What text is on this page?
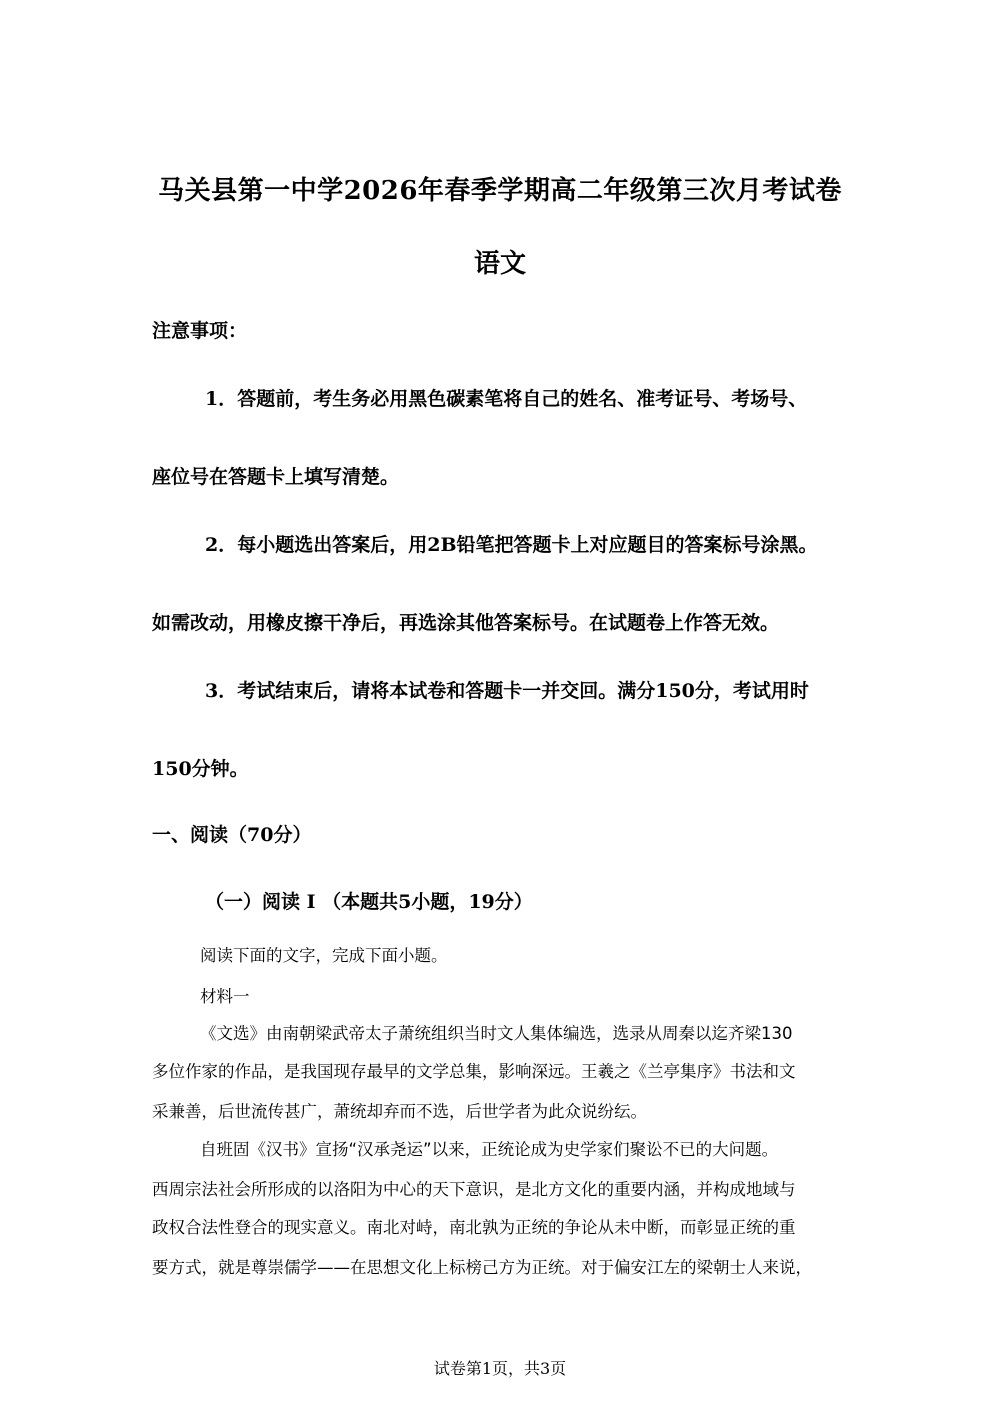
马关县第一中学2026年春季学期高二年级第三次月考试卷
语文
注意事项：
1．答题前，考生务必用黑色碳素笔将自己的姓名、准考证号、考场号、
座位号在答题卡上填写清楚。
2．每小题选出答案后，用2B铅笔把答题卡上对应题目的答案标号涂黑。
如需改动，用橡皮擦干净后，再选涂其他答案标号。在试题卷上作答无效。
3．考试结束后，请将本试卷和答题卡一并交回。满分150分，考试用时
150分钟。
一、阅读（70分）
（一）阅读 I （本题共5小题，19分）
阅读下面的文字，完成下面小题。
材料一
《文选》由南朝梁武帝太子萧统组织当时文人集体编选，选录从周秦以迄齐梁130
多位作家的作品，是我国现存最早的文学总集，影响深远。王羲之《兰亭集序》书法和文
采兼善，后世流传甚广，萧统却弃而不选，后世学者为此众说纷纭。
自班固《汉书》宣扬“汉承尧运”以来，正统论成为史学家们聚讼不已的大问题。
西周宗法社会所形成的以洛阳为中心的天下意识，是北方文化的重要内涵，并构成地域与
政权合法性登合的现实意义。南北对峙，南北孰为正统的争论从未中断，而彰显正统的重
要方式，就是尊崇儒学——在思想文化上标榜己方为正统。对于偏安江左的梁朝士人来说，
试卷第1页，共3页
